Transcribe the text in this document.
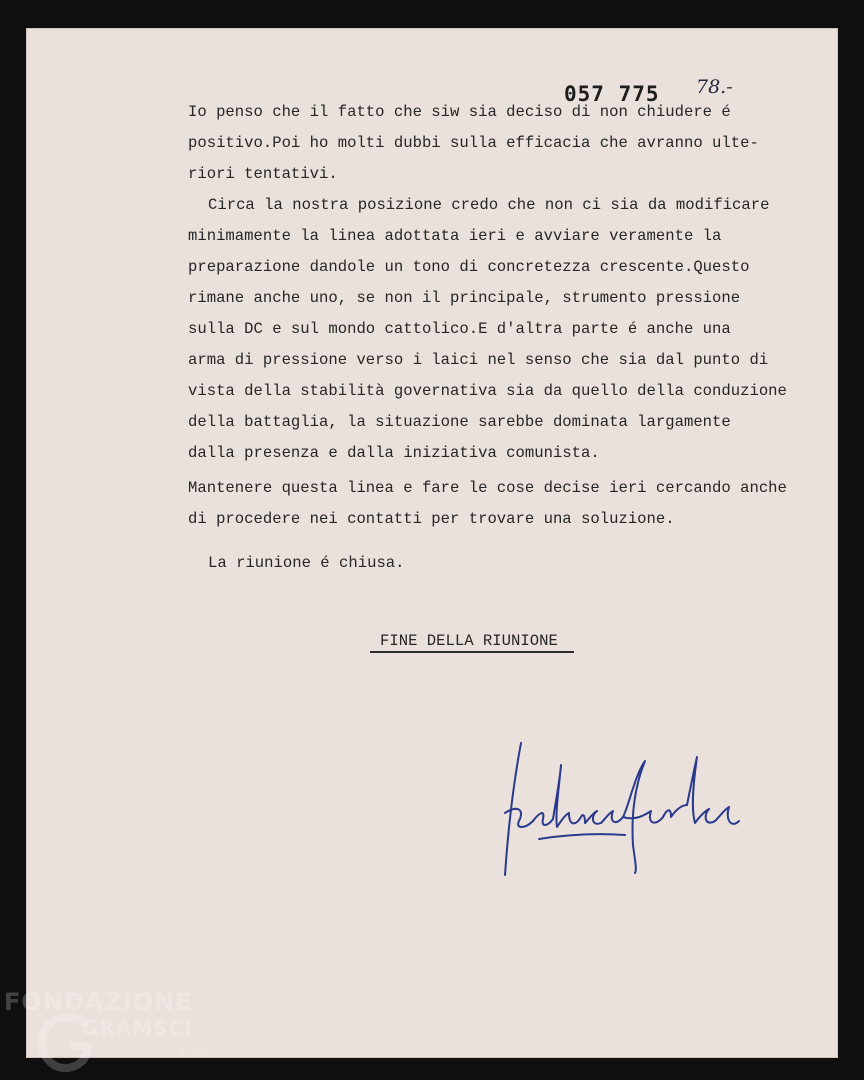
057 775 78.-
Io penso che il fatto che siw sia deciso di non chiudere é
positivo.Poi ho molti dubbi sulla efficacia che avranno ulte-
riori tentativi.
Circa la nostra posizione credo che non ci sia da modificare
minimamente la linea adottata ieri e avviare veramente la
preparazione dandole un tono di concretezza crescente.Questo
rimane anche uno, se non il principale, strumento pressione
sulla DC e sul mondo cattolico.E d'altra parte é anche una
arma di pressione verso i laici nel senso che sia dal punto di
vista della stabilità governativa sia da quello della conduzione
della battaglia, la situazione sarebbe dominata largamente
dalla presenza e dalla iniziativa comunista.
Mantenere questa linea e fare le cose decise ieri cercando anche
di procedere nei contatti per trovare una soluzione.
La riunione é chiusa.
FINE DELLA RIUNIONE
FONDAZIONE
GRAMSCI
onlus
